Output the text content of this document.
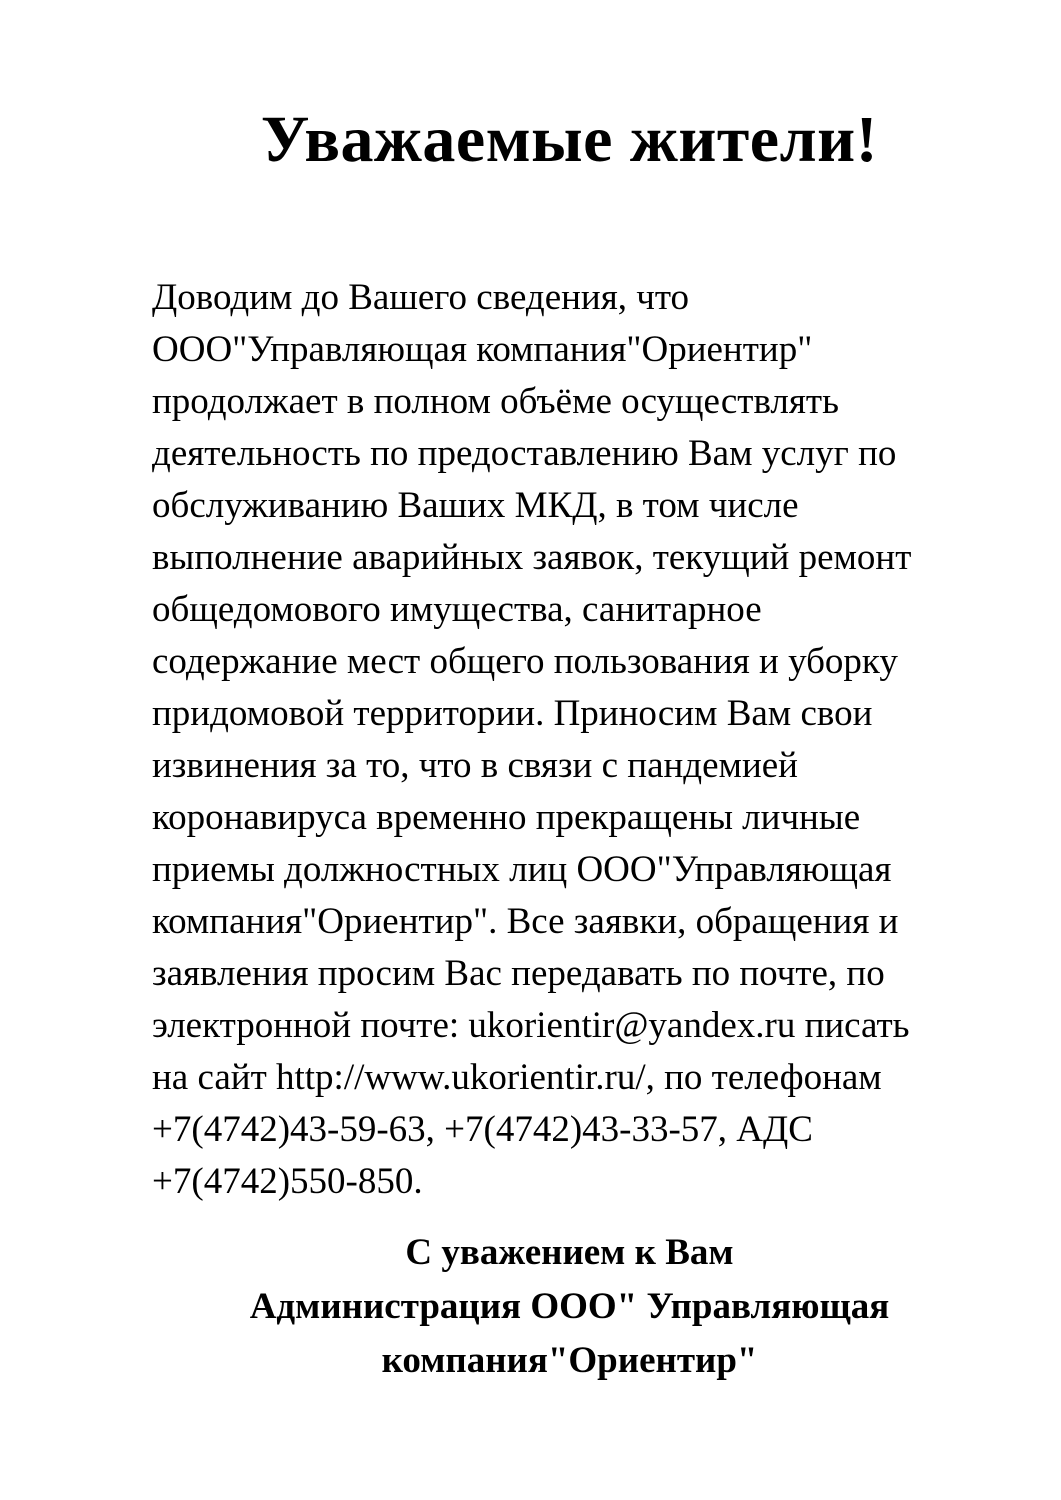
Уважаемые жители!
Доводим до Вашего сведения, что
ООО"Управляющая компания"Ориентир"
продолжает в полном объёме осуществлять
деятельность по предоставлению Вам услуг по
обслуживанию Ваших МКД, в том числе
выполнение аварийных заявок, текущий ремонт
общедомового имущества, санитарное
содержание мест общего пользования и уборку
придомовой территории. Приносим Вам свои
извинения за то, что в связи с пандемией
коронавируса временно прекращены личные
приемы должностных лиц ООО"Управляющая
компания"Ориентир". Все заявки, обращения и
заявления просим Вас передавать по почте, по
электронной почте: ukorientir@yandex.ru писать
на сайт http://www.ukorientir.ru/, по телефонам
+7(4742)43-59-63, +7(4742)43-33-57, АДС
+7(4742)550-850.
С уважением к Вам
Администрация ООО" Управляющая
компания"Ориентир"
